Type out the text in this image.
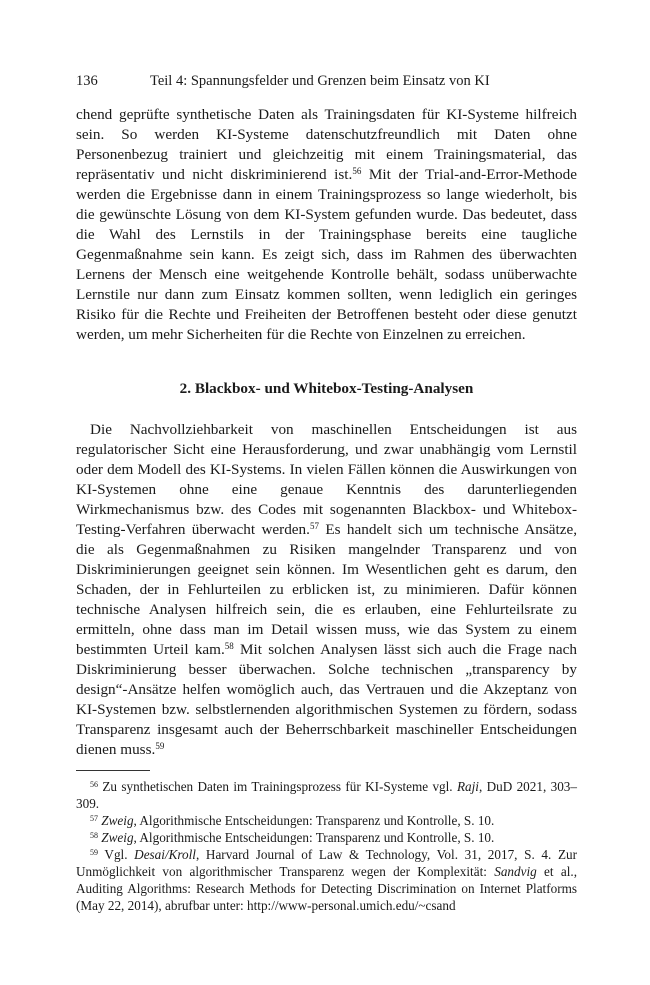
136	Teil 4: Spannungsfelder und Grenzen beim Einsatz von KI

chend geprüfte synthetische Daten als Trainingsdaten für KI-Systeme hilfreich sein. So werden KI-Systeme datenschutzfreundlich mit Daten ohne Personenbezug trainiert und gleichzeitig mit einem Trainingsmaterial, das repräsentativ und nicht diskriminierend ist.$^{56}$ Mit der Trial-and-Error-Methode werden die Ergebnisse dann in einem Trainingsprozess so lange wiederholt, bis die gewünschte Lösung von dem KI-System gefunden wurde. Das bedeutet, dass die Wahl des Lernstils in der Trainingsphase bereits eine taugliche Gegenmaßnahme sein kann. Es zeigt sich, dass im Rahmen des überwachten Lernens der Mensch eine weitgehende Kontrolle behält, sodass unüberwachte Lernstile nur dann zum Einsatz kommen sollten, wenn lediglich ein geringes Risiko für die Rechte und Freiheiten der Betroffenen besteht oder diese genutzt werden, um mehr Sicherheiten für die Rechte von Einzelnen zu erreichen.

2. Blackbox- und Whitebox-Testing-Analysen

Die Nachvollziehbarkeit von maschinellen Entscheidungen ist aus regulatorischer Sicht eine Herausforderung, und zwar unabhängig vom Lernstil oder dem Modell des KI-Systems. In vielen Fällen können die Auswirkungen von KI-Systemen ohne eine genaue Kenntnis des darunterliegenden Wirkmechanismus bzw. des Codes mit sogenannten Blackbox- und Whitebox-Testing-Verfahren überwacht werden.$^{57}$ Es handelt sich um technische Ansätze, die als Gegenmaßnahmen zu Risiken mangelnder Transparenz und von Diskriminierungen geeignet sein können. Im Wesentlichen geht es darum, den Schaden, der in Fehlurteilen zu erblicken ist, zu minimieren. Dafür können technische Analysen hilfreich sein, die es erlauben, eine Fehlurteilsrate zu ermitteln, ohne dass man im Detail wissen muss, wie das System zu einem bestimmten Urteil kam.$^{58}$ Mit solchen Analysen lässt sich auch die Frage nach Diskriminierung besser überwachen. Solche technischen „transparency by design“-Ansätze helfen womöglich auch, das Vertrauen und die Akzeptanz von KI-Systemen bzw. selbstlernenden algorithmischen Systemen zu fördern, sodass Transparenz insgesamt auch der Beherrschbarkeit maschineller Entscheidungen dienen muss.$^{59}$

$^{56}$ Zu synthetischen Daten im Trainingsprozess für KI-Systeme vgl. Raji, DuD 2021, 303–309.

$^{57}$ Zweig, Algorithmische Entscheidungen: Transparenz und Kontrolle, S. 10.

$^{58}$ Zweig, Algorithmische Entscheidungen: Transparenz und Kontrolle, S. 10.

$^{59}$ Vgl. Desai/Kroll, Harvard Journal of Law & Technology, Vol. 31, 2017, S. 4. Zur Unmöglichkeit von algorithmischer Transparenz wegen der Komplexität: Sandvig et al., Auditing Algorithms: Research Methods for Detecting Discrimination on Internet Platforms (May 22, 2014), abrufbar unter: http://www-personal.umich.edu/~csand
